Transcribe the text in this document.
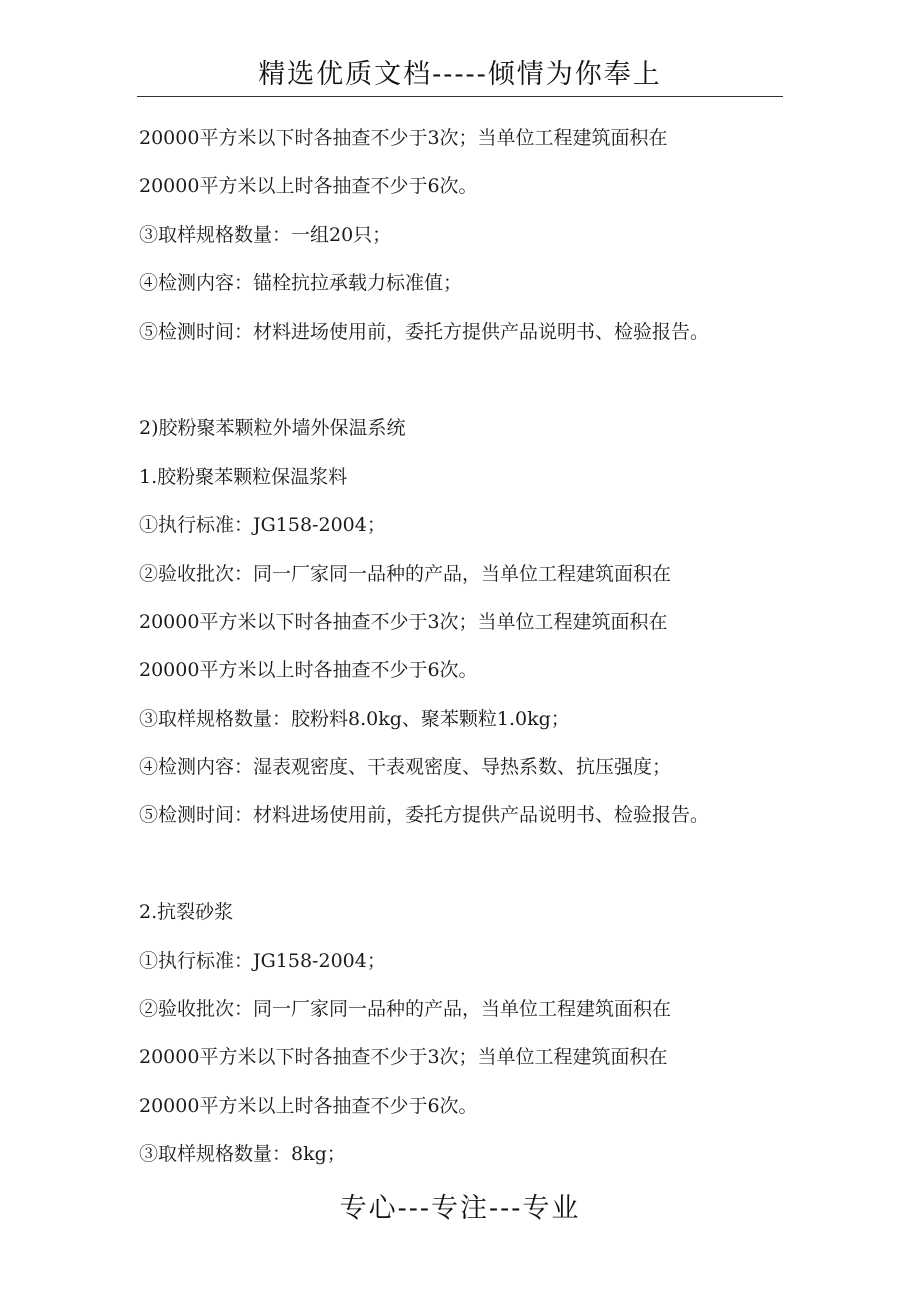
精选优质文档-----倾情为你奉上
20000平方米以下时各抽查不少于3次；当单位工程建筑面积在
20000平方米以上时各抽查不少于6次。
③取样规格数量：一组20只；
④检测内容：锚栓抗拉承载力标准值；
⑤检测时间：材料进场使用前，委托方提供产品说明书、检验报告。
2)胶粉聚苯颗粒外墙外保温系统
1.胶粉聚苯颗粒保温浆料
①执行标准：JG158-2004；
②验收批次：同一厂家同一品种的产品，当单位工程建筑面积在
20000平方米以下时各抽查不少于3次；当单位工程建筑面积在
20000平方米以上时各抽查不少于6次。
③取样规格数量：胶粉料8.0kg、聚苯颗粒1.0kg；
④检测内容：湿表观密度、干表观密度、导热系数、抗压强度；
⑤检测时间：材料进场使用前，委托方提供产品说明书、检验报告。
2.抗裂砂浆
①执行标准：JG158-2004；
②验收批次：同一厂家同一品种的产品，当单位工程建筑面积在
20000平方米以下时各抽查不少于3次；当单位工程建筑面积在
20000平方米以上时各抽查不少于6次。
③取样规格数量：8kg；
专心---专注---专业
